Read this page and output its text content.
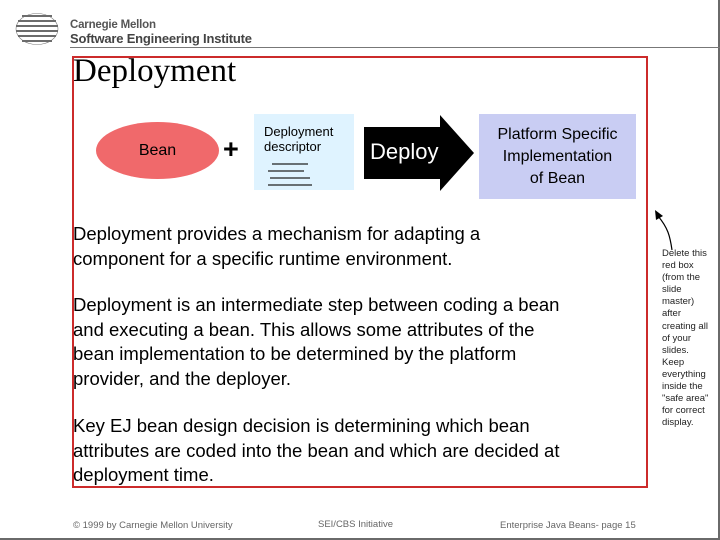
Carnegie Mellon
Software Engineering Institute
Deployment
Bean +
Deployment
descriptor	Deploy
Platform Specific
Implementation
of Bean
Deployment provides a mechanism for adapting a
component for a specific runtime environment.
Deployment is an intermediate step between coding a bean
and executing a bean. This allows some attributes of the
bean implementation to be determined by the platform
provider, and the deployer.
Key EJ bean design decision is determining which bean
attributes are coded into the bean and which are decided at
deployment time.
© 1999 by Carnegie Mellon University	SEI/CBS Initiative	Enterprise Java Beans- page 15
Delete this
red box
(from the
slide
master)
after
creating all
of your
slides.
Keep
everything
inside the
"safe area"
for correct
display.
